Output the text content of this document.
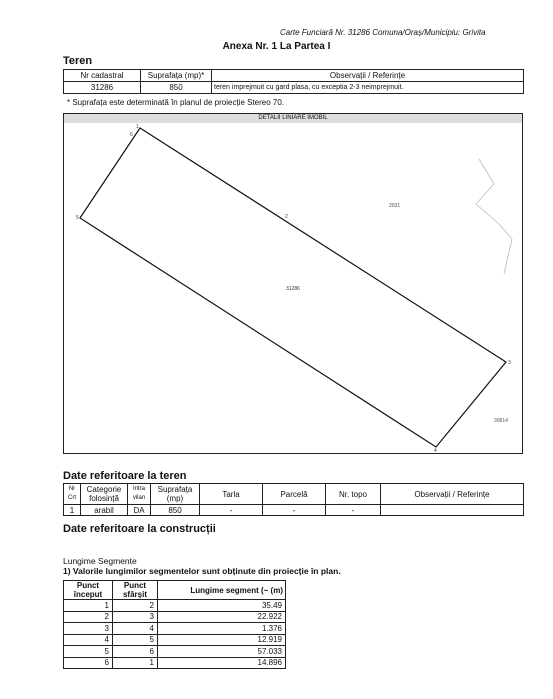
Carte Funciară Nr. 31286 Comuna/Oraș/Municipiu: Grivita
Anexa Nr. 1 La Partea I
Teren
Nr cadastral	Suprafața (mp)*	Observații / Referințe
31286	850	teren imprejmuit cu gard plasa, cu exceptia 2-3 neimprejmuit.
* Suprafața este determinată în planul de proiecție Stereo 70.
DETALII LINIARE IMOBIL
1
2
3
4
5
6
31286
2031
30814
Date referitoare la teren
Nr Crt	Categorie folosință	Intra vilan	Suprafața (mp)	Tarla	Parcelă	Nr. topo	Observații / Referințe
1	arabil	DA	850	-	-	-	
Date referitoare la construcții
Lungime Segmente
1) Valorile lungimilor segmentelor sunt obținute din proiecție în plan.
Punct început	Punct sfârșit	Lungime segment (~ (m)
1	2	35.49
2	3	22.922
3	4	1.376
4	5	12.919
5	6	57.033
6	1	14.896
